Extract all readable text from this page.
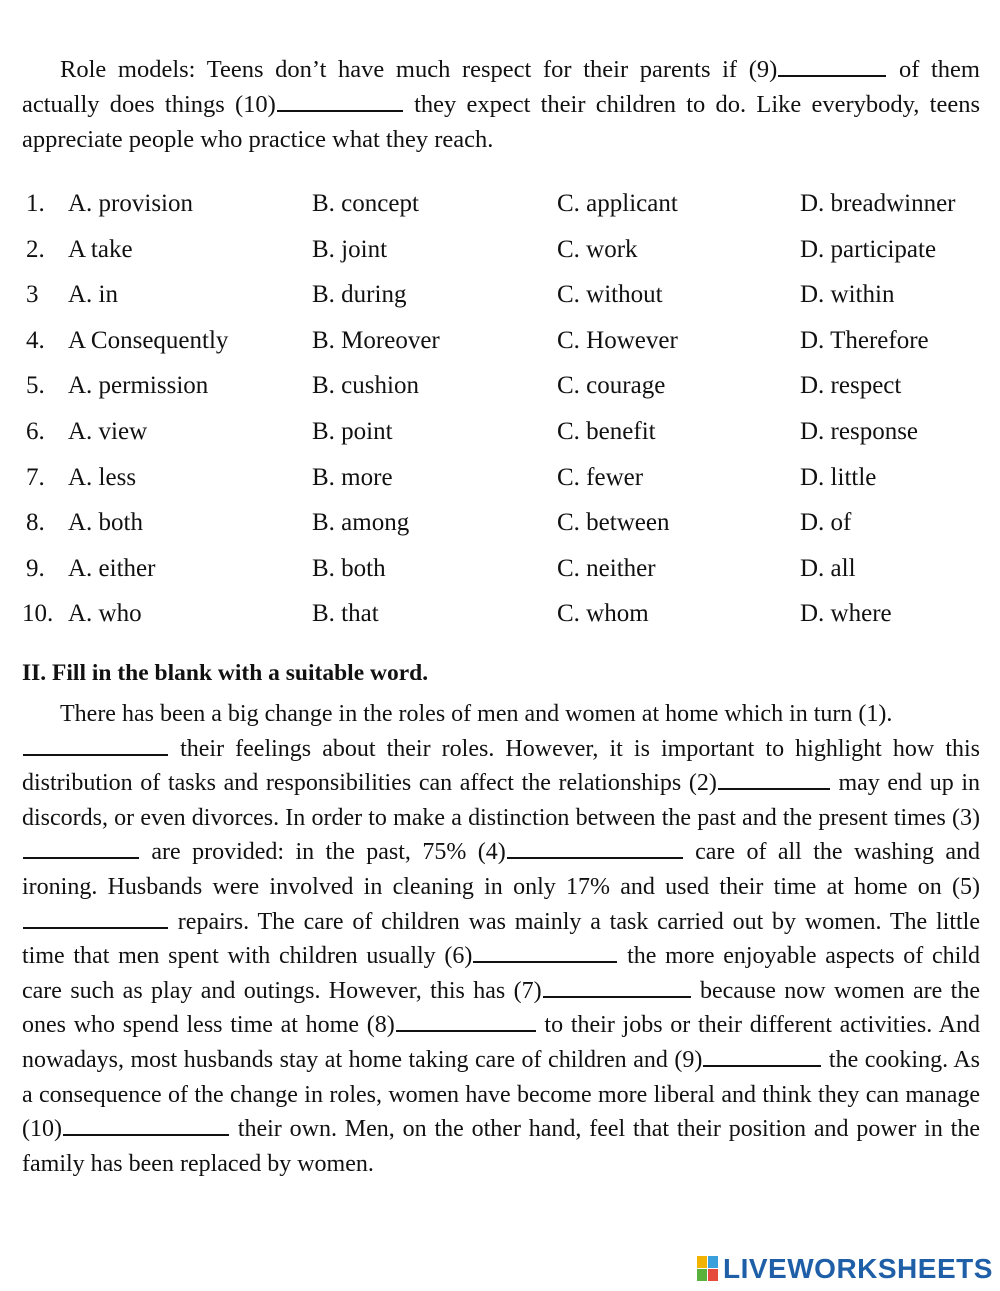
Role models: Teens don’t have much respect for their parents if (9)	of them actually does things (10)	they expect their children to do. Like everybody, teens appreciate people who practice what they reach.
1. A. provision	B. concept	C. applicant	D. breadwinner
2. A take	B. joint	C. work	D. participate
3 A. in	B. during	C. without	D. within
4. A Consequently	B. Moreover	C. However	D. Therefore
5. A. permission	B. cushion	C. courage	D. respect
6. A. view	B. point	C. benefit	D. response
7. A. less	B. more	C. fewer	D. little
8. A. both	B. among	C. between	D. of
9. A. either	B. both	C. neither	D. all
10. A. who	B. that	C. whom	D. where
II. Fill in the blank with a suitable word.
There has been a big change in the roles of men and women at home which in turn (1).
their feelings about their roles. However, it is important to highlight how this distribution of tasks and responsibilities can affect the relationships (2)	may end up in discords, or even divorces. In order to make a distinction between the past and the present times (3) are provided: in the past, 75% (4)	care of all the washing and ironing. Husbands were involved in cleaning in only 17% and used their time at home on (5)  repairs. The care of children was mainly a task carried out by women. The little time that men spent with children usually (6)	the more enjoyable aspects of child care such as play and outings. However, this has (7)	because now women are the ones who spend less time at home (8)	to their jobs or their different activities. And nowadays, most husbands stay at home taking care of children and (9)	the cooking. As a consequence of the change in roles, women have become more liberal and think they can manage (10)	their own. Men, on the other hand, feel that their position and power in the family has been replaced by women.
LIVEWORKSHEETS
